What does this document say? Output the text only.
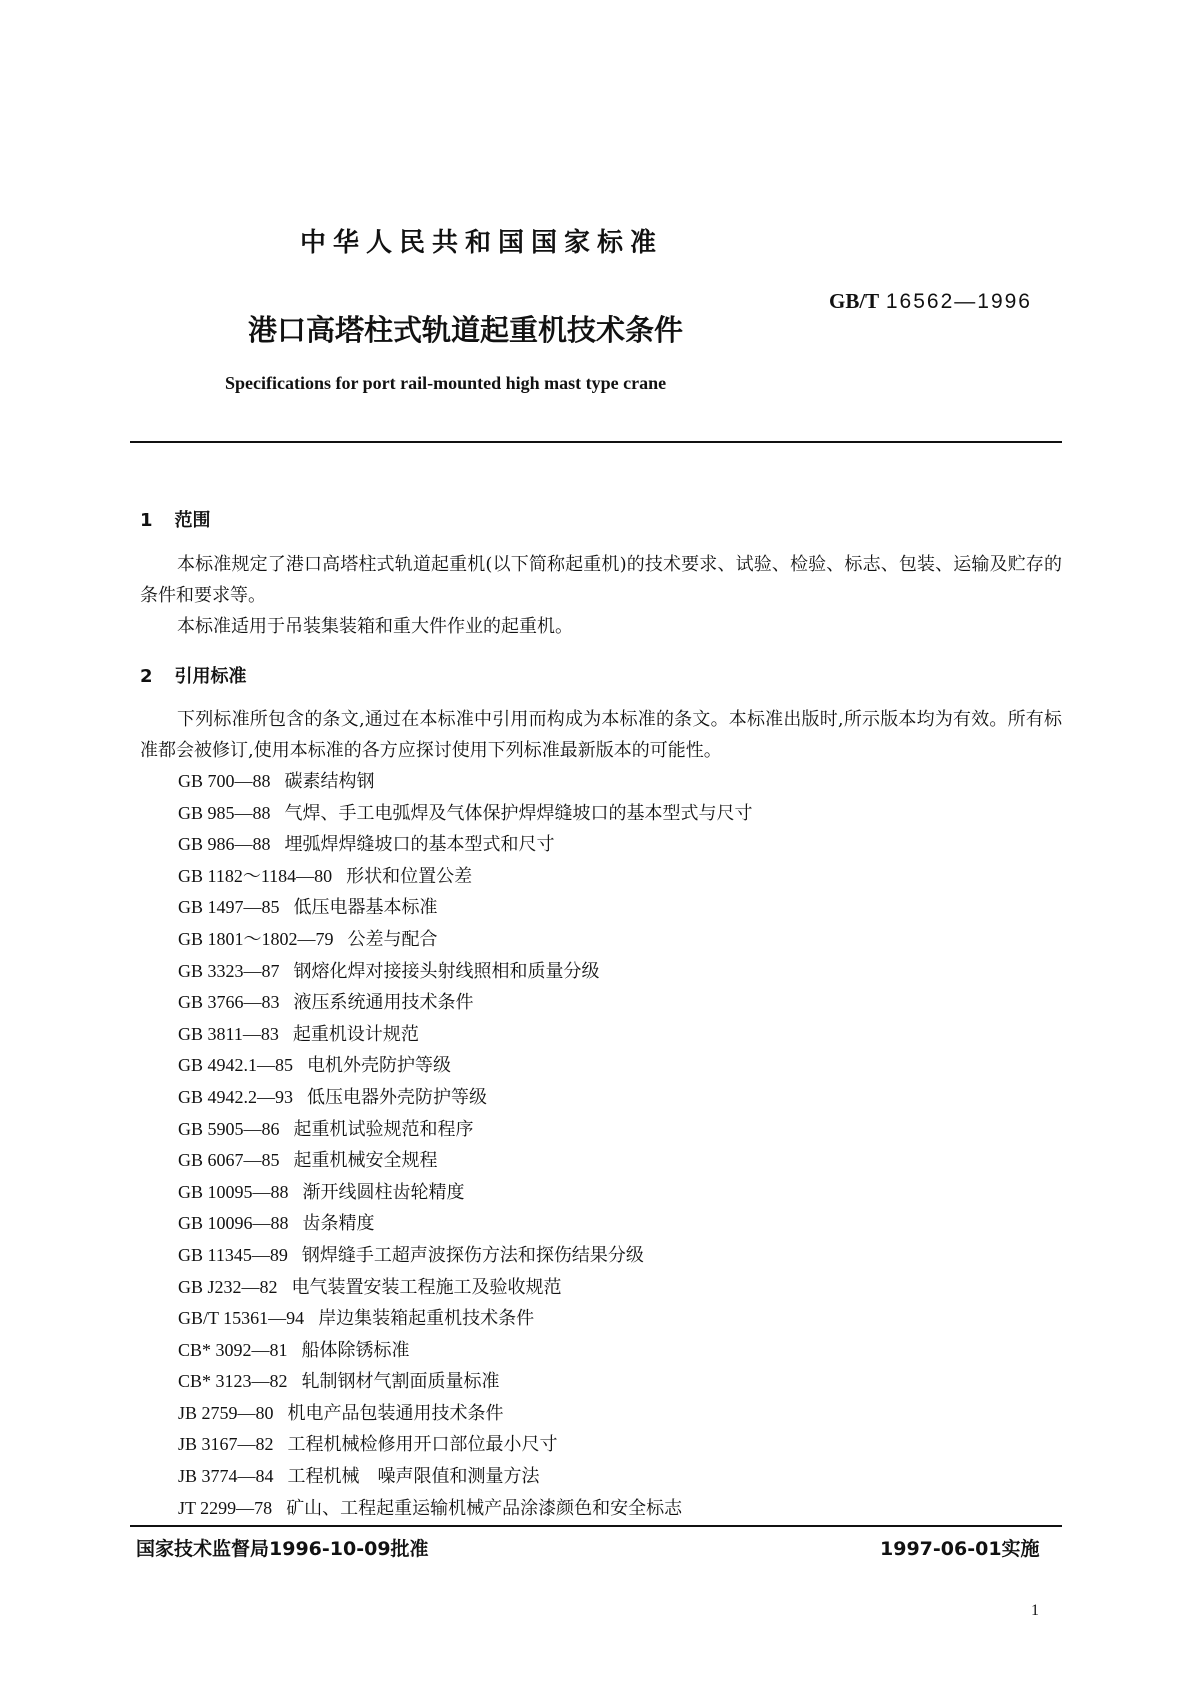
中华人民共和国国家标准
GB/T 16562—1996
港口高塔柱式轨道起重机技术条件
Specifications for port rail-mounted high mast type crane
1 范围
本标准规定了港口高塔柱式轨道起重机(以下简称起重机)的技术要求、试验、检验、标志、包装、运输及贮存的条件和要求等。
本标准适用于吊装集装箱和重大件作业的起重机。
2 引用标准
下列标准所包含的条文,通过在本标准中引用而构成为本标准的条文。本标准出版时,所示版本均为有效。所有标准都会被修订,使用本标准的各方应探讨使用下列标准最新版本的可能性。
GB 700—88 碳素结构钢
GB 985—88 气焊、手工电弧焊及气体保护焊焊缝坡口的基本型式与尺寸
GB 986—88 埋弧焊焊缝坡口的基本型式和尺寸
GB 1182～1184—80 形状和位置公差
GB 1497—85 低压电器基本标准
GB 1801～1802—79 公差与配合
GB 3323—87 钢熔化焊对接接头射线照相和质量分级
GB 3766—83 液压系统通用技术条件
GB 3811—83 起重机设计规范
GB 4942.1—85 电机外壳防护等级
GB 4942.2—93 低压电器外壳防护等级
GB 5905—86 起重机试验规范和程序
GB 6067—85 起重机械安全规程
GB 10095—88 渐开线圆柱齿轮精度
GB 10096—88 齿条精度
GB 11345—89 钢焊缝手工超声波探伤方法和探伤结果分级
GB J232—82 电气装置安装工程施工及验收规范
GB/T 15361—94 岸边集装箱起重机技术条件
CB* 3092—81 船体除锈标准
CB* 3123—82 轧制钢材气割面质量标准
JB 2759—80 机电产品包装通用技术条件
JB 3167—82 工程机械检修用开口部位最小尺寸
JB 3774—84 工程机械　噪声限值和测量方法
JT 2299—78 矿山、工程起重运输机械产品涂漆颜色和安全标志
国家技术监督局1996-10-09批准	1997-06-01实施
1
